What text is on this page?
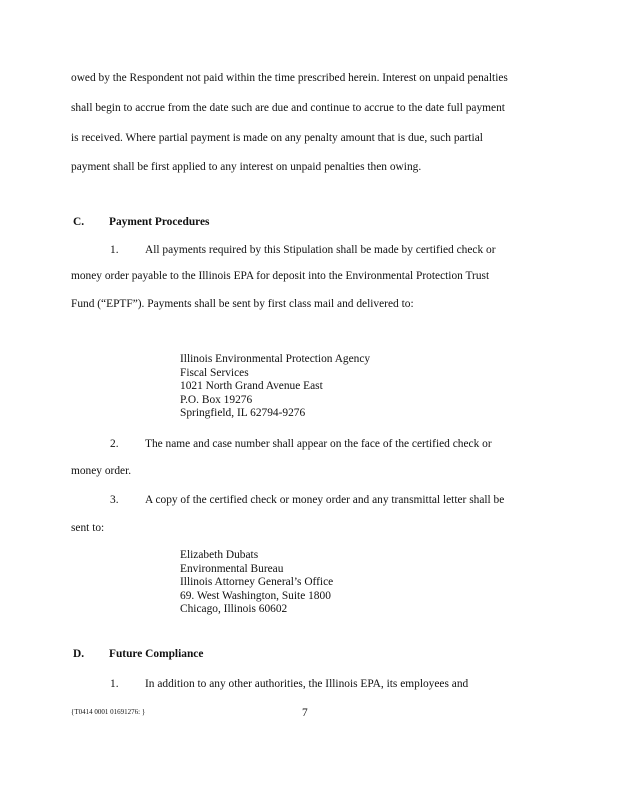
owed by the Respondent not paid within the time prescribed herein. Interest on unpaid penalties
shall begin to accrue from the date such are due and continue to accrue to the date full payment
is received. Where partial payment is made on any penalty amount that is due, such partial
payment shall be first applied to any interest on unpaid penalties then owing.
C. Payment Procedures
1. All payments required by this Stipulation shall be made by certified check or
money order payable to the Illinois EPA for deposit into the Environmental Protection Trust
Fund (“EPTF”). Payments shall be sent by first class mail and delivered to:
Illinois Environmental Protection Agency
Fiscal Services
1021 North Grand Avenue East
P.O. Box 19276
Springfield, IL 62794-9276
2. The name and case number shall appear on the face of the certified check or
money order.
3. A copy of the certified check or money order and any transmittal letter shall be
sent to:
Elizabeth Dubats
Environmental Bureau
Illinois Attorney General’s Office
69. West Washington, Suite 1800
Chicago, Illinois 60602
D. Future Compliance
1. In addition to any other authorities, the Illinois EPA, its employees and
{T0414 0001 01691276: }	7
